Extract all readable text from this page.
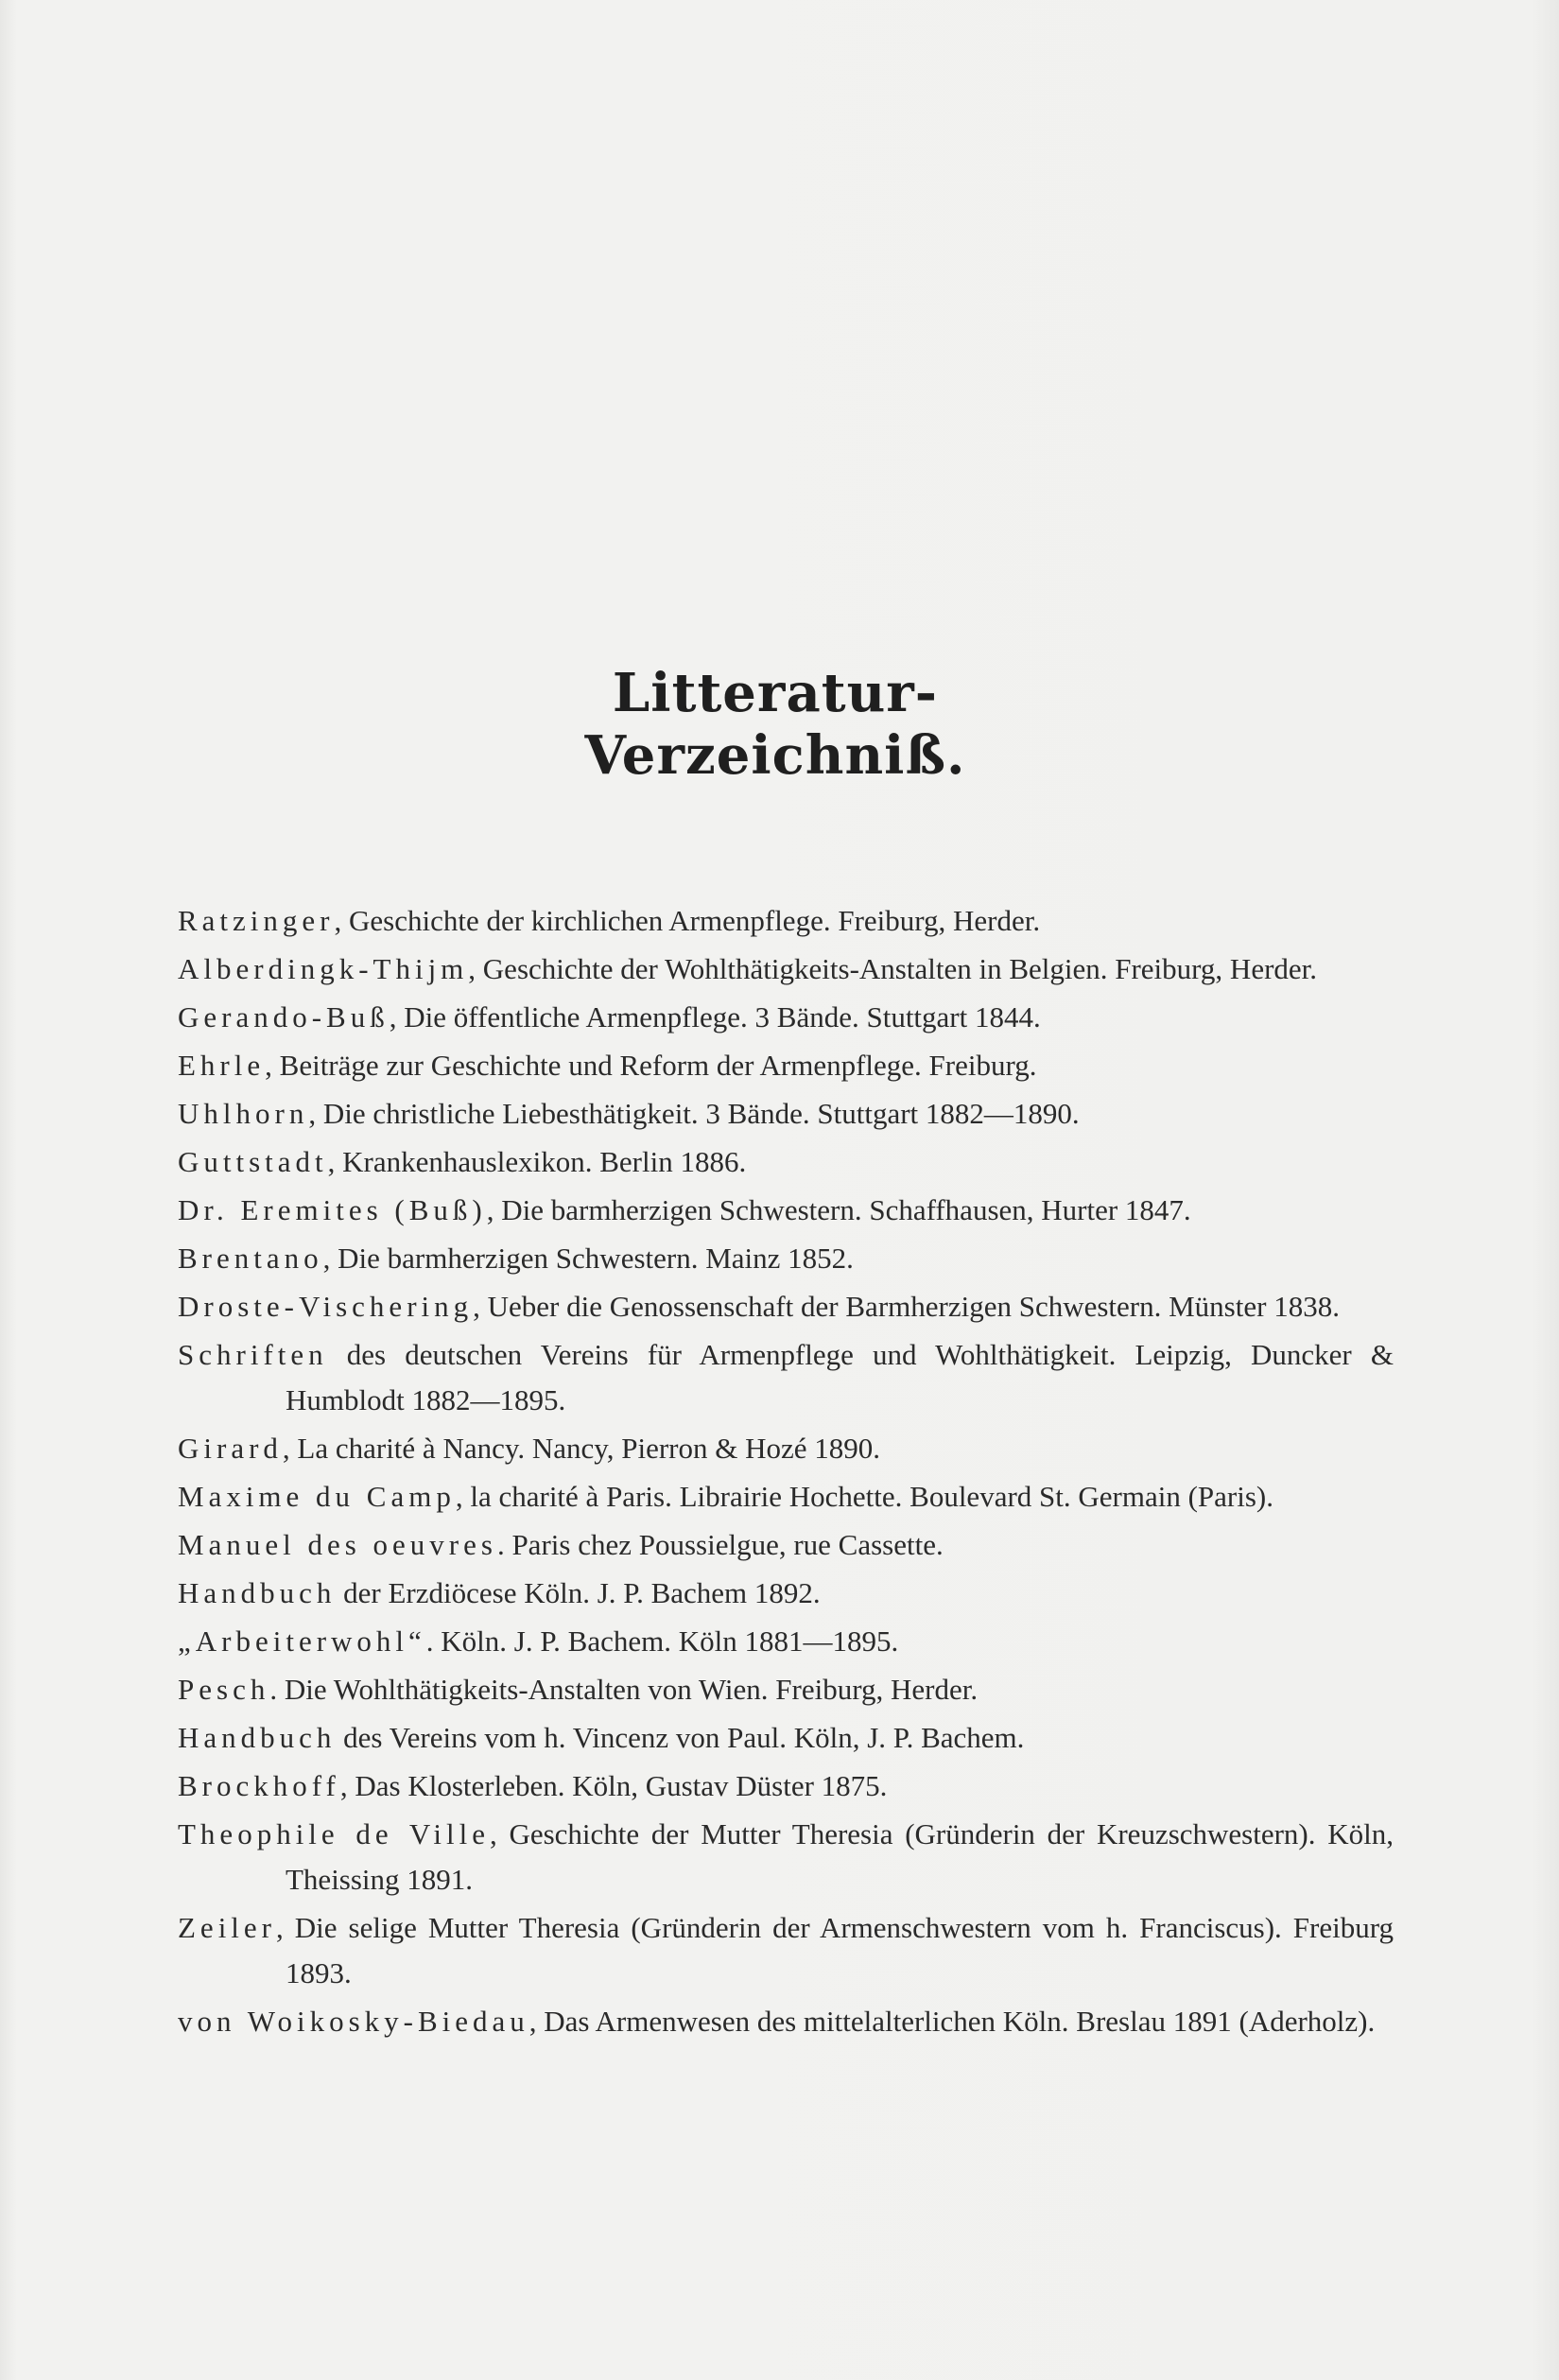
Litteratur-Verzeichniß.

Ratzinger, Geschichte der kirchlichen Armenpflege. Freiburg, Herder.

Alberdingk-Thijm, Geschichte der Wohlthätigkeits-Anstalten in Belgien. Freiburg, Herder.

Gerando-Buß, Die öffentliche Armenpflege. 3 Bände. Stuttgart 1844.

Ehrle, Beiträge zur Geschichte und Reform der Armenpflege. Freiburg.

Uhlhorn, Die christliche Liebesthätigkeit. 3 Bände. Stuttgart 1882—1890.

Guttstadt, Krankenhauslexikon. Berlin 1886.

Dr. Eremites (Buß), Die barmherzigen Schwestern. Schaffhausen, Hurter 1847.

Brentano, Die barmherzigen Schwestern. Mainz 1852.

Droste-Vischering, Ueber die Genossenschaft der Barmherzigen Schwestern. Münster 1838.

Schriften des deutschen Vereins für Armenpflege und Wohlthätigkeit. Leipzig, Duncker & Humblodt 1882—1895.

Girard, La charité à Nancy. Nancy, Pierron & Hozé 1890.

Maxime du Camp, la charité à Paris. Librairie Hochette. Boulevard St. Germain (Paris).

Manuel des oeuvres. Paris chez Poussielgue, rue Cassette.

Handbuch der Erzdiöcese Köln. J. P. Bachem 1892.

„Arbeiterwohl“. Köln. J. P. Bachem. Köln 1881—1895.

Pesch. Die Wohlthätigkeits-Anstalten von Wien. Freiburg, Herder.

Handbuch des Vereins vom h. Vincenz von Paul. Köln, J. P. Bachem.

Brockhoff, Das Klosterleben. Köln, Gustav Düster 1875.

Theophile de Ville, Geschichte der Mutter Theresia (Gründerin der Kreuzschwestern). Köln, Theissing 1891.

Zeiler, Die selige Mutter Theresia (Gründerin der Armenschwestern vom h. Franciscus). Freiburg 1893.

von Woikosky-Biedau, Das Armenwesen des mittelalterlichen Köln. Breslau 1891 (Aderholz).
